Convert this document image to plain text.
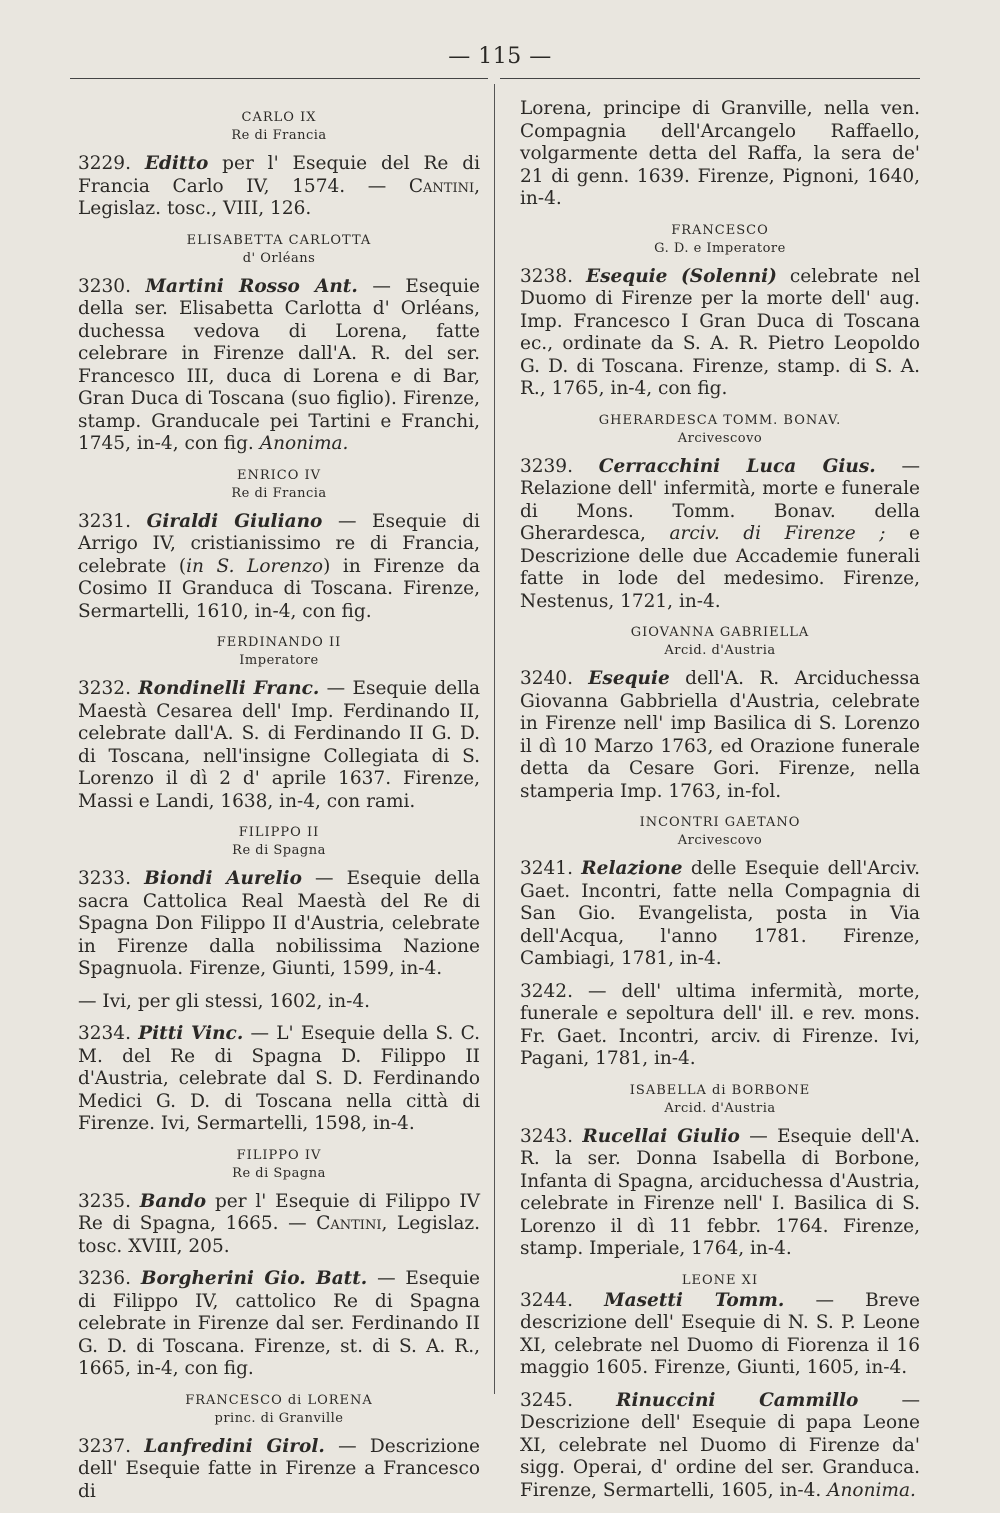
— 115 —
CARLO IX
Re di Francia

3229. Editto per l' Esequie del Re di Francia Carlo IV, 1574. — Cantini, Legislaz. tosc., VIII, 126.

ELISABETTA CARLOTTA
d' Orléans

3230. Martini Rosso Ant. — Esequie della ser. Elisabetta Carlotta d' Orléans, duchessa vedova di Lorena, fatte celebrare in Firenze dall'A. R. del ser. Francesco III, duca di Lorena e di Bar, Gran Duca di Toscana (suo figlio). Firenze, stamp. Granducale pei Tartini e Franchi, 1745, in-4, con fig. Anonima.

ENRICO IV
Re di Francia

3231. Giraldi Giuliano — Esequie di Arrigo IV, cristianissimo re di Francia, celebrate (in S. Lorenzo) in Firenze da Cosimo II Granduca di Toscana. Firenze, Sermartelli, 1610, in-4, con fig.

FERDINANDO II
Imperatore

3232. Rondinelli Franc. — Esequie della Maestà Cesarea dell' Imp. Ferdinando II, celebrate dall'A. S. di Ferdinando II G. D. di Toscana, nell'insigne Collegiata di S. Lorenzo il dì 2 d' aprile 1637. Firenze, Massi e Landi, 1638, in-4, con rami.

FILIPPO II
Re di Spagna

3233. Biondi Aurelio — Esequie della sacra Cattolica Real Maestà del Re di Spagna Don Filippo II d'Austria, celebrate in Firenze dalla nobilissima Nazione Spagnuola. Firenze, Giunti, 1599, in-4.

— Ivi, per gli stessi, 1602, in-4.

3234. Pitti Vinc. — L' Esequie della S. C. M. del Re di Spagna D. Filippo II d'Austria, celebrate dal S. D. Ferdinando Medici G. D. di Toscana nella città di Firenze. Ivi, Sermartelli, 1598, in-4.

FILIPPO IV
Re di Spagna

3235. Bando per l' Esequie di Filippo IV Re di Spagna, 1665. — Cantini, Legislaz. tosc. XVIII, 205.

3236. Borgherini Gio. Batt. — Esequie di Filippo IV, cattolico Re di Spagna celebrate in Firenze dal ser. Ferdinando II G. D. di Toscana. Firenze, st. di S. A. R., 1665, in-4, con fig.

FRANCESCO di LORENA
princ. di Granville

3237. Lanfredini Girol. — Descrizione dell' Esequie fatte in Firenze a Francesco di

Lorena, principe di Granville, nella ven. Compagnia dell'Arcangelo Raffaello, volgarmente detta del Raffa, la sera de' 21 di genn. 1639. Firenze, Pignoni, 1640, in-4.

FRANCESCO
G. D. e Imperatore

3238. Esequie (Solenni) celebrate nel Duomo di Firenze per la morte dell' aug. Imp. Francesco I Gran Duca di Toscana ec., ordinate da S. A. R. Pietro Leopoldo G. D. di Toscana. Firenze, stamp. di S. A. R., 1765, in-4, con fig.

GHERARDESCA TOMM. BONAV.
Arcivescovo

3239. Cerracchini Luca Gius. — Relazione dell' infermità, morte e funerale di Mons. Tomm. Bonav. della Gherardesca, arciv. di Firenze ; e Descrizione delle due Accademie funerali fatte in lode del medesimo. Firenze, Nestenus, 1721, in-4.

GIOVANNA GABRIELLA
Arcid. d'Austria

3240. Esequie dell'A. R. Arciduchessa Giovanna Gabbriella d'Austria, celebrate in Firenze nell' imp Basilica di S. Lorenzo il dì 10 Marzo 1763, ed Orazione funerale detta da Cesare Gori. Firenze, nella stamperia Imp. 1763, in-fol.

INCONTRI GAETANO
Arcivescovo

3241. Relazione delle Esequie dell'Arciv. Gaet. Incontri, fatte nella Compagnia di San Gio. Evangelista, posta in Via dell'Acqua, l'anno 1781. Firenze, Cambiagi, 1781, in-4.

3242. — dell' ultima infermità, morte, funerale e sepoltura dell' ill. e rev. mons. Fr. Gaet. Incontri, arciv. di Firenze. Ivi, Pagani, 1781, in-4.

ISABELLA di BORBONE
Arcid. d'Austria

3243. Rucellai Giulio — Esequie dell'A. R. la ser. Donna Isabella di Borbone, Infanta di Spagna, arciduchessa d'Austria, celebrate in Firenze nell' I. Basilica di S. Lorenzo il dì 11 febbr. 1764. Firenze, stamp. Imperiale, 1764, in-4.

LEONE XI

3244. Masetti Tomm. — Breve descrizione dell' Esequie di N. S. P. Leone XI, celebrate nel Duomo di Fiorenza il 16 maggio 1605. Firenze, Giunti, 1605, in-4.

3245. Rinuccini Cammillo — Descrizione dell' Esequie di papa Leone XI, celebrate nel Duomo di Firenze da' sigg. Operai, d' ordine del ser. Granduca. Firenze, Sermartelli, 1605, in-4. Anonima.
